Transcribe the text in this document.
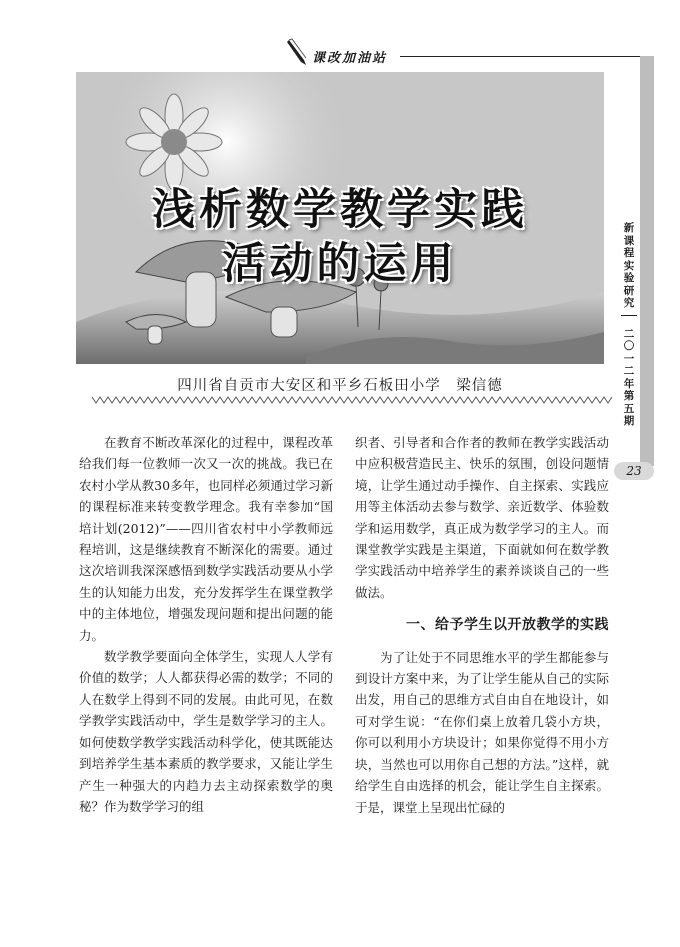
课改加油站
新课程实验研究
二〇一二年 第五期
23
浅析数学教学实践
活动的运用
四川省自贡市大安区和平乡石板田小学　梁信德

在教育不断改革深化的过程中，课程改革给我们每一位教师一次又一次的挑战。我已在农村小学从教30多年，也同样必须通过学习新的课程标准来转变教学理念。我有幸参加“国培计划(2012)”——四川省农村中小学教师远程培训，这是继续教育不断深化的需要。通过这次培训我深深感悟到数学实践活动要从小学生的认知能力出发，充分发挥学生在课堂教学中的主体地位，增强发现问题和提出问题的能力。

数学教学要面向全体学生，实现人人学有价值的数学；人人都获得必需的数学；不同的人在数学上得到不同的发展。由此可见，在数学教学实践活动中，学生是数学学习的主人。如何使数学教学实践活动科学化，使其既能达到培养学生基本素质的教学要求，又能让学生产生一种强大的内趋力去主动探索数学的奥秘？作为数学学习的组

织者、引导者和合作者的教师在教学实践活动中应积极营造民主、快乐的氛围，创设问题情境，让学生通过动手操作、自主探索、实践应用等主体活动去参与数学、亲近数学、体验数学和运用数学，真正成为数学学习的主人。而课堂教学实践是主渠道，下面就如何在数学教学实践活动中培养学生的素养谈谈自己的一些做法。

一、给予学生以开放教学的实践

为了让处于不同思维水平的学生都能参与到设计方案中来，为了让学生能从自己的实际出发，用自己的思维方式自由自在地设计，如可对学生说：“在你们桌上放着几袋小方块，你可以利用小方块设计；如果你觉得不用小方块，当然也可以用你自己想的方法。”这样，就给学生自由选择的机会，能让学生自主探索。于是，课堂上呈现出忙碌的
